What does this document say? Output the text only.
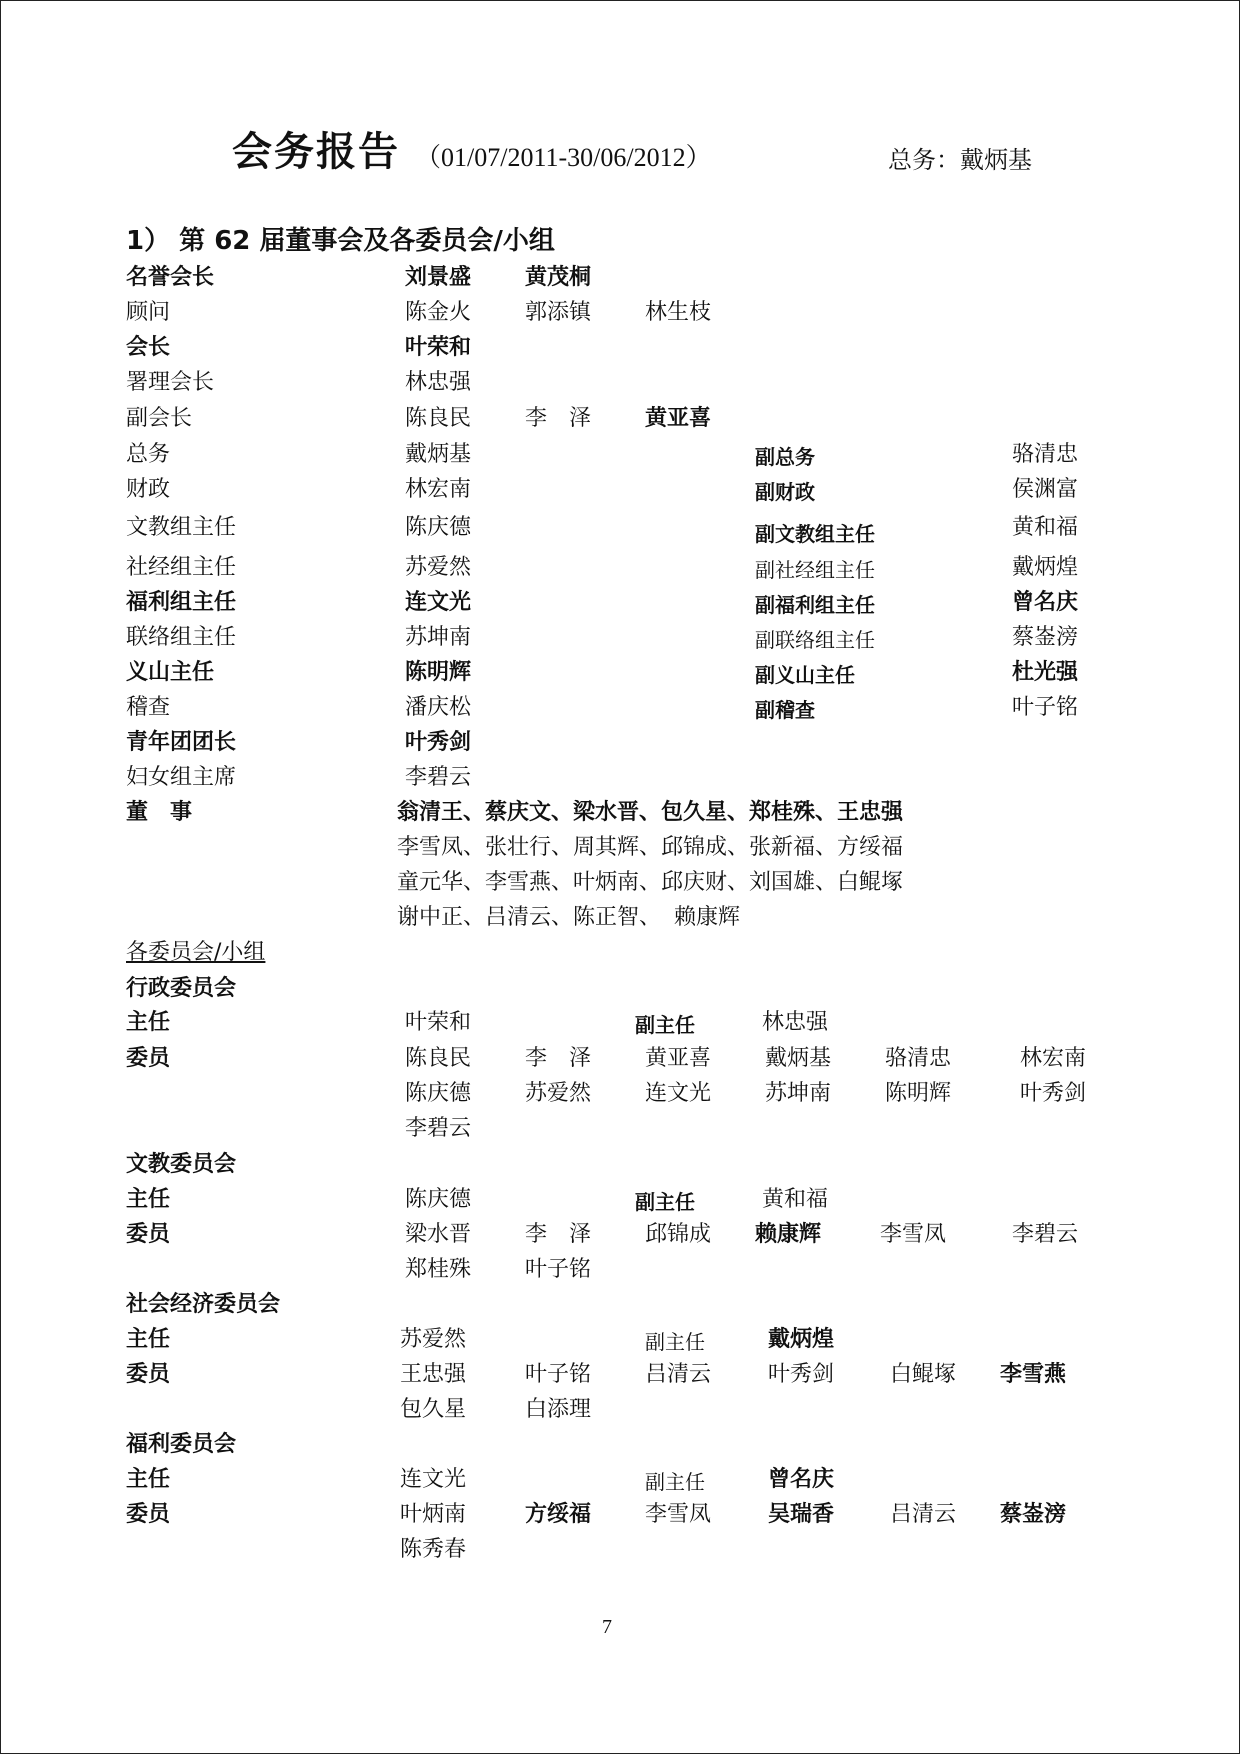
会务报告 （01/07/2011-30/06/2012）	总务：戴炳基
1） 第 62 届董事会及各委员会/小组
名誉会长	刘景盛 黄茂桐
顾问	陈金火 郭添镇 林生枝
会长	叶荣和
署理会长	林忠强
副会长	陈良民 李　泽 黄亚喜
总务	戴炳基	副总务	骆清忠
财政	林宏南	副财政	侯渊富
文教组主任	陈庆德	副文教组主任	黄和福
社经组主任	苏爱然	副社经组主任	戴炳煌
福利组主任	连文光	副福利组主任	曾名庆
联络组主任	苏坤南	副联络组主任	蔡崟滂
义山主任	陈明辉	副义山主任	杜光强
稽查	潘庆松	副稽查	叶子铭
青年团团长	叶秀剑
妇女组主席	李碧云
董　事	翁清王、蔡庆文、梁水晋、包久星、郑桂殊、王忠强
李雪凤、张壮行、周其辉、邱锦成、张新福、方绥福
童元华、李雪燕、叶炳南、邱庆财、刘国雄、白鲲塚
谢中正、吕清云、陈正智、 赖康辉
各委员会/小组
行政委员会
主任	叶荣和	副主任	林忠强
委员	陈良民 李　泽 黄亚喜 戴炳基 骆清忠	林宏南
陈庆德 苏爱然 连文光 苏坤南 陈明辉	叶秀剑
李碧云
文教委员会
主任	陈庆德	副主任	黄和福
委员	梁水晋 李　泽 邱锦成 赖康辉	李雪凤	李碧云
郑桂殊 叶子铭
社会经济委员会
主任	苏爱然	副主任	戴炳煌
委员	王忠强	叶子铭 吕清云	叶秀剑	白鲲塚 李雪燕
包久星	白添理
福利委员会
主任	连文光	副主任	曾名庆
委员	叶炳南	方绥福 李雪凤	吴瑞香	吕清云 蔡崟滂
陈秀春
7
